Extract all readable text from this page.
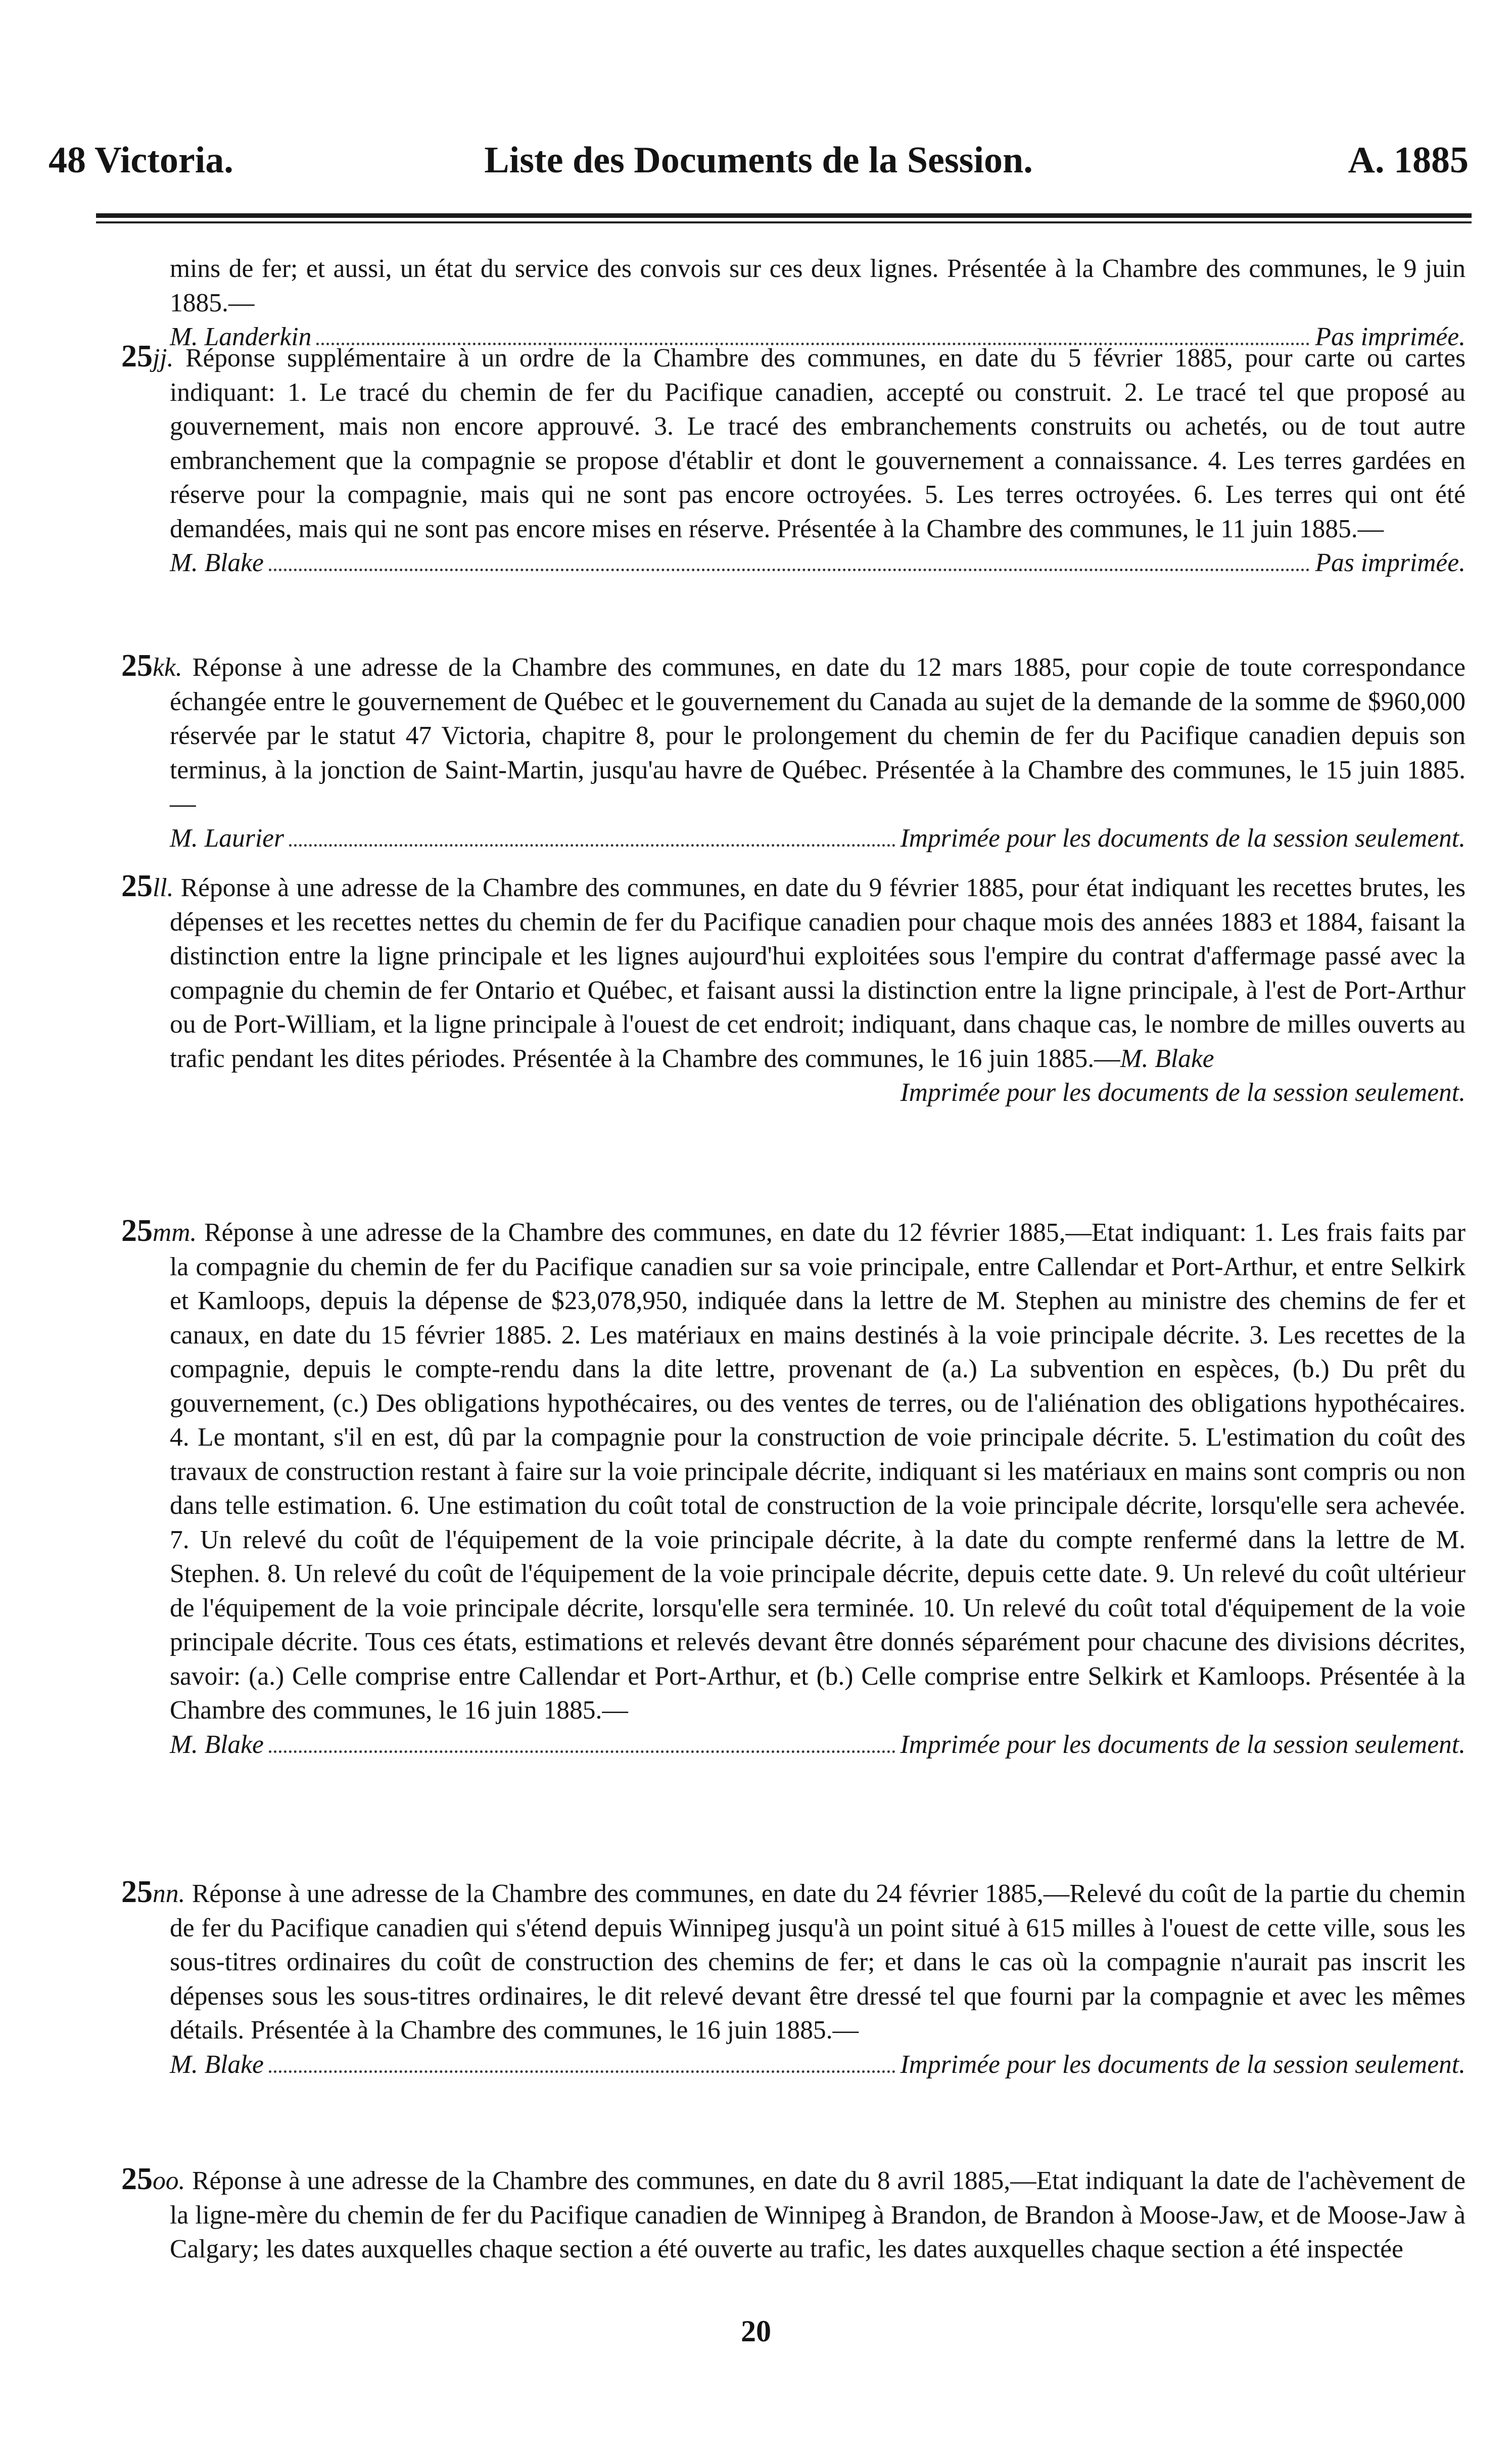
48 Victoria.	Liste des Documents de la Session.	A. 1885

mins de fer; et aussi, un état du service des convois sur ces deux lignes. Présentée à la Chambre des communes, le 9 juin 1885.—

M. Landerkin	Pas imprimée.

25jj. Réponse supplémentaire à un ordre de la Chambre des communes, en date du 5 février 1885, pour carte ou cartes indiquant: 1. Le tracé du chemin de fer du Pacifique canadien, accepté ou construit. 2. Le tracé tel que proposé au gouvernement, mais non encore approuvé. 3. Le tracé des embranchements construits ou achetés, ou de tout autre embranchement que la compagnie se propose d'établir et dont le gouvernement a connaissance. 4. Les terres gardées en réserve pour la compagnie, mais qui ne sont pas encore octroyées. 5. Les terres octroyées. 6. Les terres qui ont été demandées, mais qui ne sont pas encore mises en réserve. Présentée à la Chambre des communes, le 11 juin 1885.—

M. Blake	Pas imprimée.

25kk. Réponse à une adresse de la Chambre des communes, en date du 12 mars 1885, pour copie de toute correspondance échangée entre le gouvernement de Québec et le gouvernement du Canada au sujet de la demande de la somme de $960,000 réservée par le statut 47 Victoria, chapitre 8, pour le prolongement du chemin de fer du Pacifique canadien depuis son terminus, à la jonction de Saint-Martin, jusqu'au havre de Québec. Présentée à la Chambre des communes, le 15 juin 1885.—

M. Laurier	Imprimée pour les documents de la session seulement.

25ll. Réponse à une adresse de la Chambre des communes, en date du 9 février 1885, pour état indiquant les recettes brutes, les dépenses et les recettes nettes du chemin de fer du Pacifique canadien pour chaque mois des années 1883 et 1884, faisant la distinction entre la ligne principale et les lignes aujourd'hui exploitées sous l'empire du contrat d'affermage passé avec la compagnie du chemin de fer Ontario et Québec, et faisant aussi la distinction entre la ligne principale, à l'est de Port-Arthur ou de Port-William, et la ligne principale à l'ouest de cet endroit; indiquant, dans chaque cas, le nombre de milles ouverts au trafic pendant les dites périodes. Présentée à la Chambre des communes, le 16 juin 1885.—M. Blake

Imprimée pour les documents de la session seulement.

25mm. Réponse à une adresse de la Chambre des communes, en date du 12 février 1885,—Etat indiquant: 1. Les frais faits par la compagnie du chemin de fer du Pacifique canadien sur sa voie principale, entre Callendar et Port-Arthur, et entre Selkirk et Kamloops, depuis la dépense de $23,078,950, indiquée dans la lettre de M. Stephen au ministre des chemins de fer et canaux, en date du 15 février 1885. 2. Les matériaux en mains destinés à la voie principale décrite. 3. Les recettes de la compagnie, depuis le compte-rendu dans la dite lettre, provenant de (a.) La subvention en espèces, (b.) Du prêt du gouvernement, (c.) Des obligations hypothécaires, ou des ventes de terres, ou de l'aliénation des obligations hypothécaires. 4. Le montant, s'il en est, dû par la compagnie pour la construction de voie principale décrite. 5. L'estimation du coût des travaux de construction restant à faire sur la voie principale décrite, indiquant si les matériaux en mains sont compris ou non dans telle estimation. 6. Une estimation du coût total de construction de la voie principale décrite, lorsqu'elle sera achevée. 7. Un relevé du coût de l'équipement de la voie principale décrite, à la date du compte renfermé dans la lettre de M. Stephen. 8. Un relevé du coût de l'équipement de la voie principale décrite, depuis cette date. 9. Un relevé du coût ultérieur de l'équipement de la voie principale décrite, lorsqu'elle sera terminée. 10. Un relevé du coût total d'équipement de la voie principale décrite. Tous ces états, estimations et relevés devant être donnés séparément pour chacune des divisions décrites, savoir: (a.) Celle comprise entre Callendar et Port-Arthur, et (b.) Celle comprise entre Selkirk et Kamloops. Présentée à la Chambre des communes, le 16 juin 1885.—

M. Blake	Imprimée pour les documents de la session seulement.

25nn. Réponse à une adresse de la Chambre des communes, en date du 24 février 1885,—Relevé du coût de la partie du chemin de fer du Pacifique canadien qui s'étend depuis Winnipeg jusqu'à un point situé à 615 milles à l'ouest de cette ville, sous les sous-titres ordinaires du coût de construction des chemins de fer; et dans le cas où la compagnie n'aurait pas inscrit les dépenses sous les sous-titres ordinaires, le dit relevé devant être dressé tel que fourni par la compagnie et avec les mêmes détails. Présentée à la Chambre des communes, le 16 juin 1885.—

M. Blake	Imprimée pour les documents de la session seulement.

25oo. Réponse à une adresse de la Chambre des communes, en date du 8 avril 1885,—Etat indiquant la date de l'achèvement de la ligne-mère du chemin de fer du Pacifique canadien de Winnipeg à Brandon, de Brandon à Moose-Jaw, et de Moose-Jaw à Calgary; les dates auxquelles chaque section a été ouverte au trafic, les dates auxquelles chaque section a été inspectée

20
